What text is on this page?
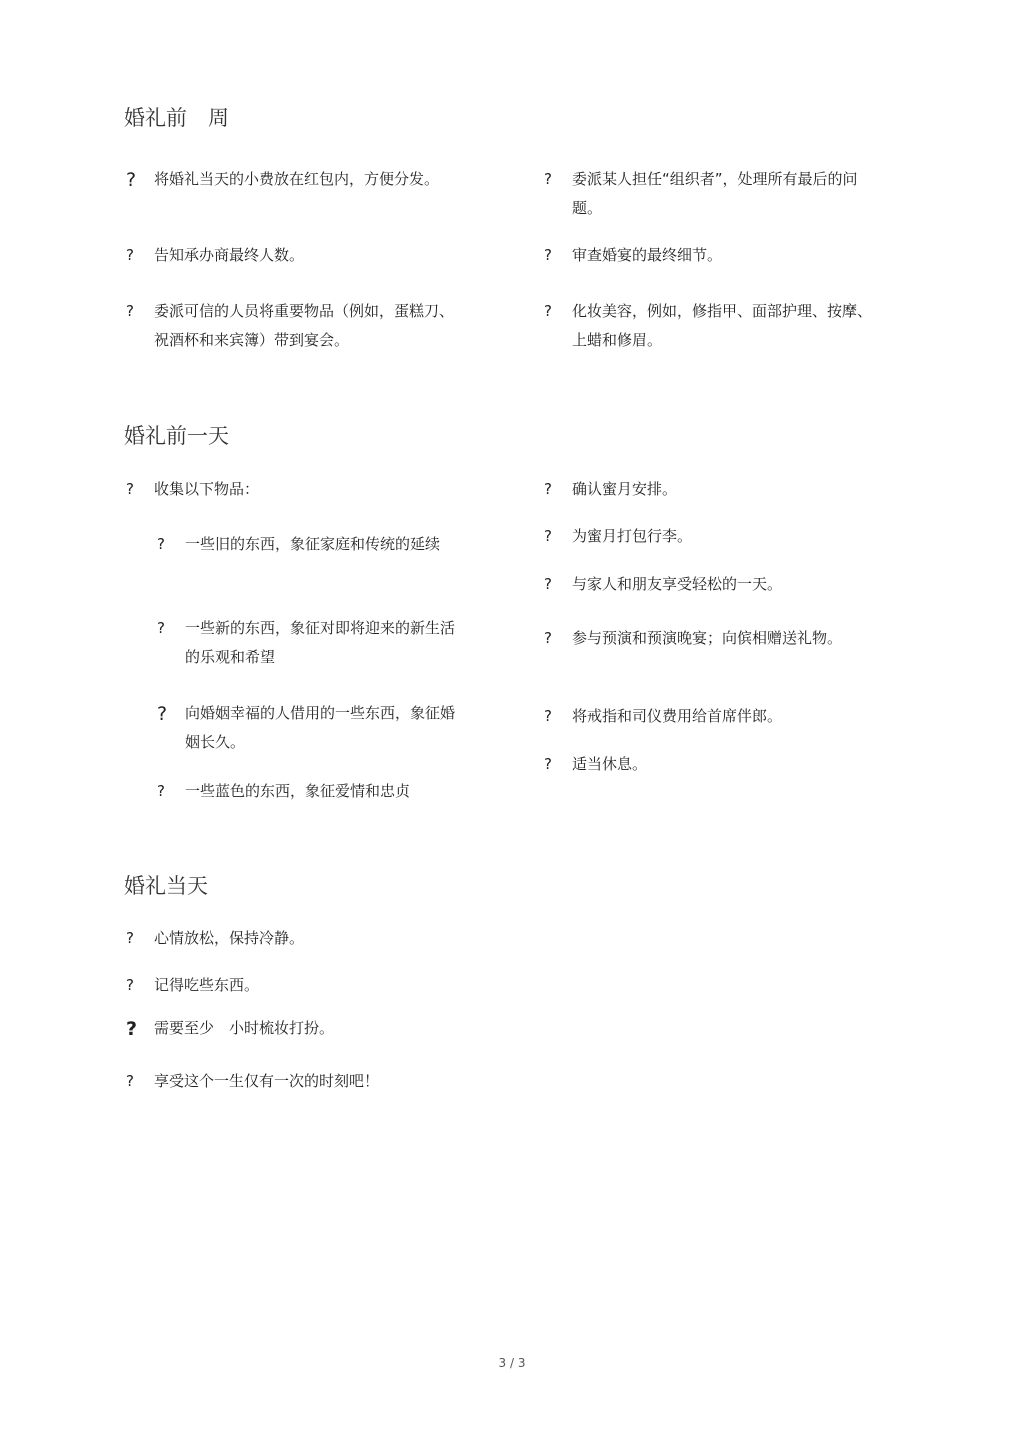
婚礼前　周
?	将婚礼当天的小费放在红包内，方便分发。
?	告知承办商最终人数。
?	委派可信的人员将重要物品（例如，蛋糕刀、祝酒杯和来宾簿）带到宴会。
?	委派某人担任“组织者”，处理所有最后的问题。
?	审查婚宴的最终细节。
?	化妆美容，例如，修指甲、面部护理、按摩、上蜡和修眉。
婚礼前一天
?	收集以下物品：
?	一些旧的东西，象征家庭和传统的延续
?	一些新的东西，象征对即将迎来的新生活的乐观和希望
?	向婚姻幸福的人借用的一些东西，象征婚姻长久。
?	一些蓝色的东西，象征爱情和忠贞
?	确认蜜月安排。
?	为蜜月打包行李。
?	与家人和朋友享受轻松的一天。
?	参与预演和预演晚宴；向傧相赠送礼物。
?	将戒指和司仪费用给首席伴郎。
?	适当休息。
婚礼当天
?	心情放松，保持冷静。
?	记得吃些东西。
?	需要至少　小时梳妆打扮。
?	享受这个一生仅有一次的时刻吧！
3 / 3
